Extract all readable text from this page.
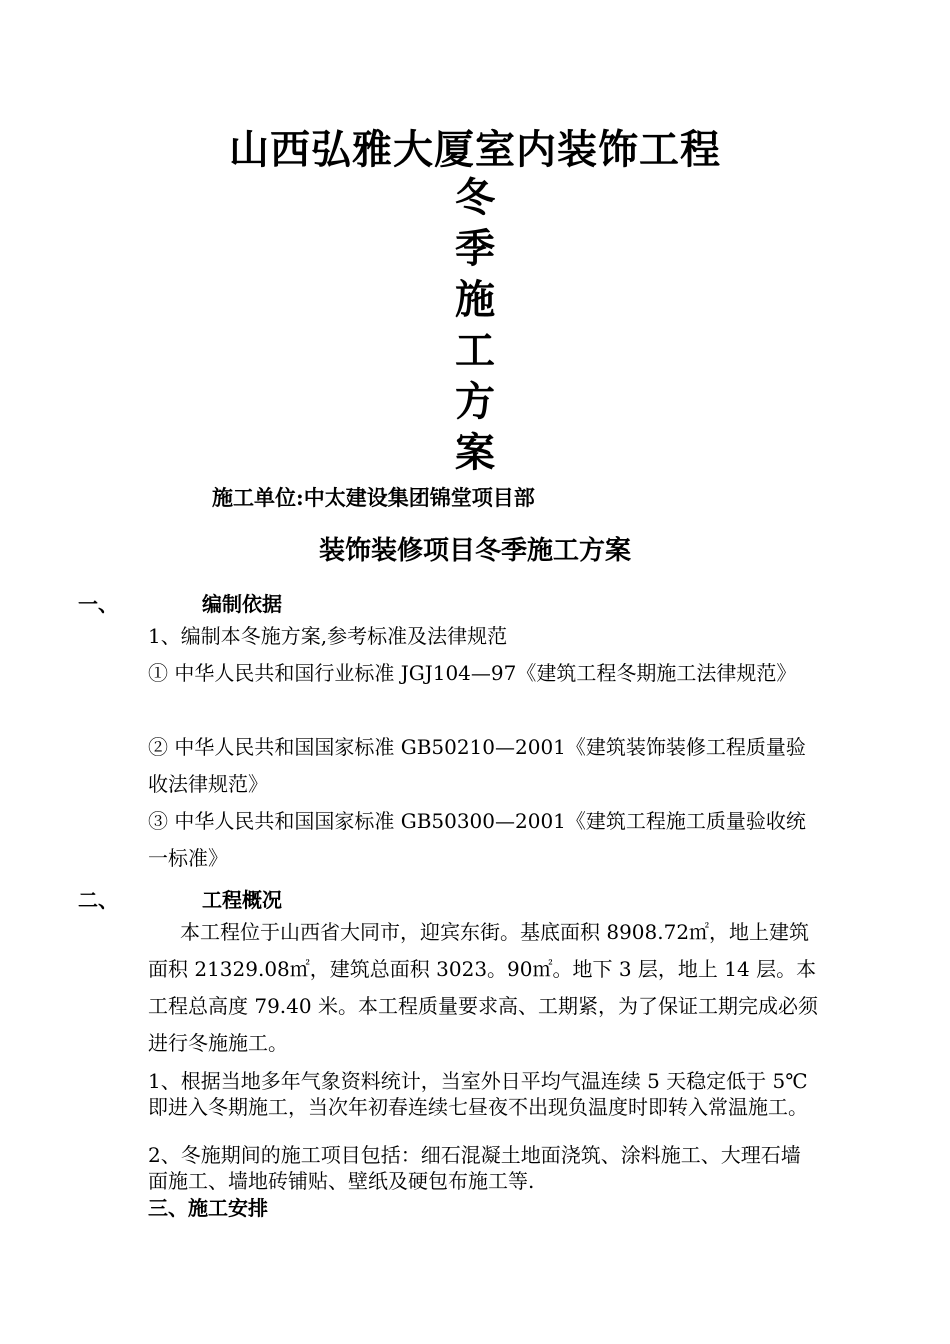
山西弘雅大厦室内装饰工程
冬
季
施
工
方
案
施工单位:中太建设集团锦堂项目部
装饰装修项目冬季施工方案
一、	编制依据
1、编制本冬施方案,参考标准及法律规范
① 中华人民共和国行业标准 JGJ104—97《建筑工程冬期施工法律规范》
② 中华人民共和国国家标准 GB50210—2001《建筑装饰装修工程质量验收法律规范》
③ 中华人民共和国国家标准 GB50300—2001《建筑工程施工质量验收统一标准》
二、	工程概况
本工程位于山西省大同市，迎宾东街。基底面积 8908.72㎡，地上建筑面积 21329.08㎡，建筑总面积 3023。90㎡。地下 3 层，地上 14 层。本工程总高度 79.40 米。本工程质量要求高、工期紧，为了保证工期完成必须进行冬施施工。
1、根据当地多年气象资料统计，当室外日平均气温连续 5 天稳定低于 5℃即进入冬期施工，当次年初春连续七昼夜不出现负温度时即转入常温施工。
2、冬施期间的施工项目包括：细石混凝土地面浇筑、涂料施工、大理石墙面施工、墙地砖铺贴、壁纸及硬包布施工等.
三、施工安排
